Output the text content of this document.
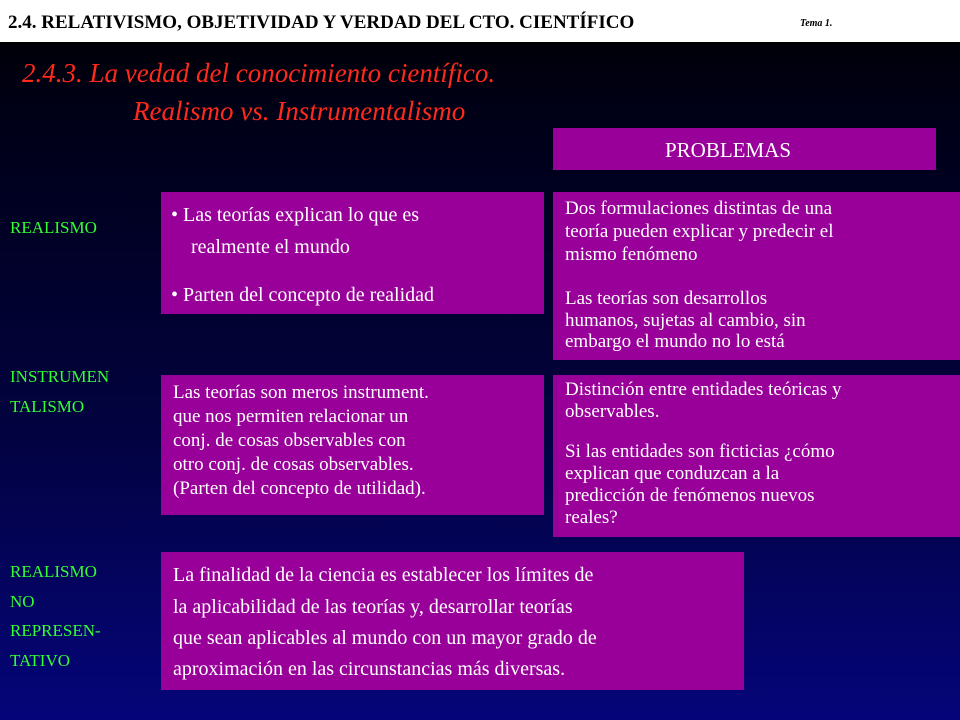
2.4. RELATIVISMO, OBJETIVIDAD Y VERDAD DEL CTO. CIENTÍFICO	Tema 1.
2.4.3. La vedad del conocimiento científico.
Realismo vs. Instrumentalismo
PROBLEMAS
REALISMO
• Las teorías explican lo que es
realmente el mundo
• Parten del concepto de realidad
Dos formulaciones distintas de una
teoría pueden explicar y predecir el
mismo fenómeno
Las teorías son desarrollos
humanos, sujetas al cambio, sin
embargo el mundo no lo está
INSTRUMEN
TALISMO
Las teorías son meros instrument.
que nos permiten relacionar un
conj. de cosas observables con
otro conj. de cosas observables.
(Parten del concepto de utilidad).
Distinción entre entidades teóricas y
observables.
Si las entidades son ficticias ¿cómo
explican que conduzcan a la
predicción de fenómenos nuevos
reales?
REALISMO
NO
REPRESEN-
TATIVO
La finalidad de la ciencia es establecer los límites de
la aplicabilidad de las teorías y, desarrollar teorías
que sean aplicables al mundo con un mayor grado de
aproximación en las circunstancias más diversas.
